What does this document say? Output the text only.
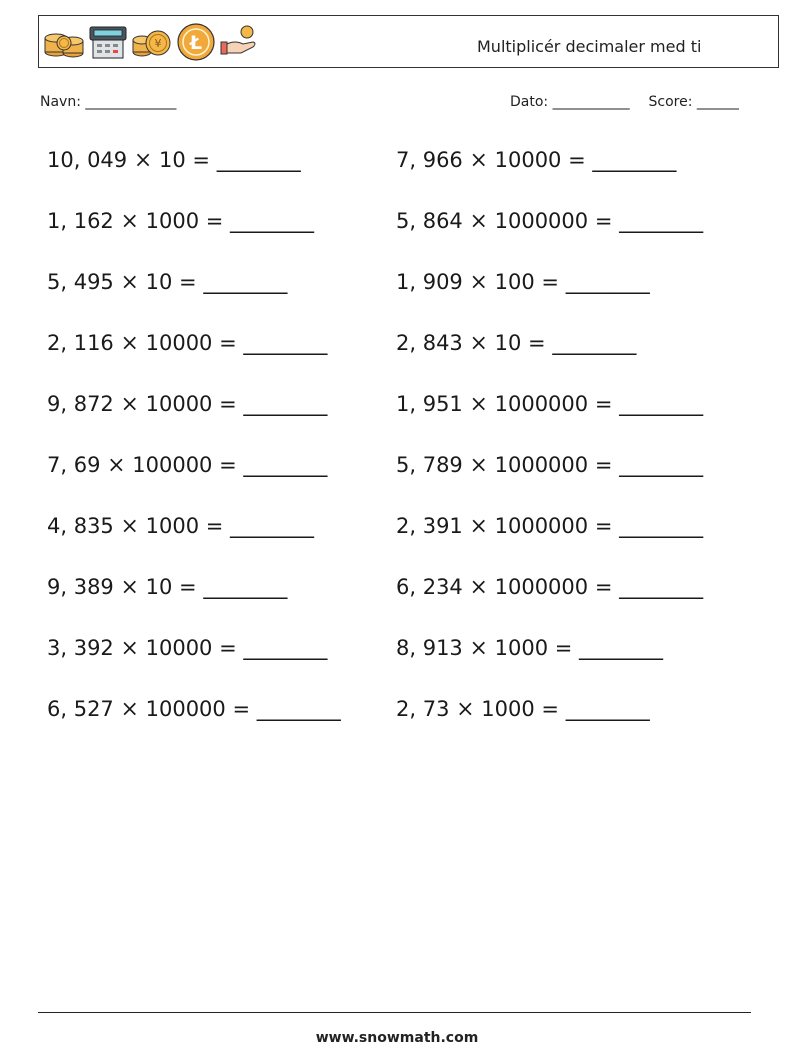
¥ Ł	Multiplicér decimaler med ti
Navn: _____________	Dato: ___________ Score: ______
10, 049 × 10 = ________
1, 162 × 1000 = ________
5, 495 × 10 = ________
2, 116 × 10000 = ________
9, 872 × 10000 = ________
7, 69 × 100000 = ________
4, 835 × 1000 = ________
9, 389 × 10 = ________
3, 392 × 10000 = ________
6, 527 × 100000 = ________
7, 966 × 10000 = ________
5, 864 × 1000000 = ________
1, 909 × 100 = ________
2, 843 × 10 = ________
1, 951 × 1000000 = ________
5, 789 × 1000000 = ________
2, 391 × 1000000 = ________
6, 234 × 1000000 = ________
8, 913 × 1000 = ________
2, 73 × 1000 = ________
www.snowmath.com
